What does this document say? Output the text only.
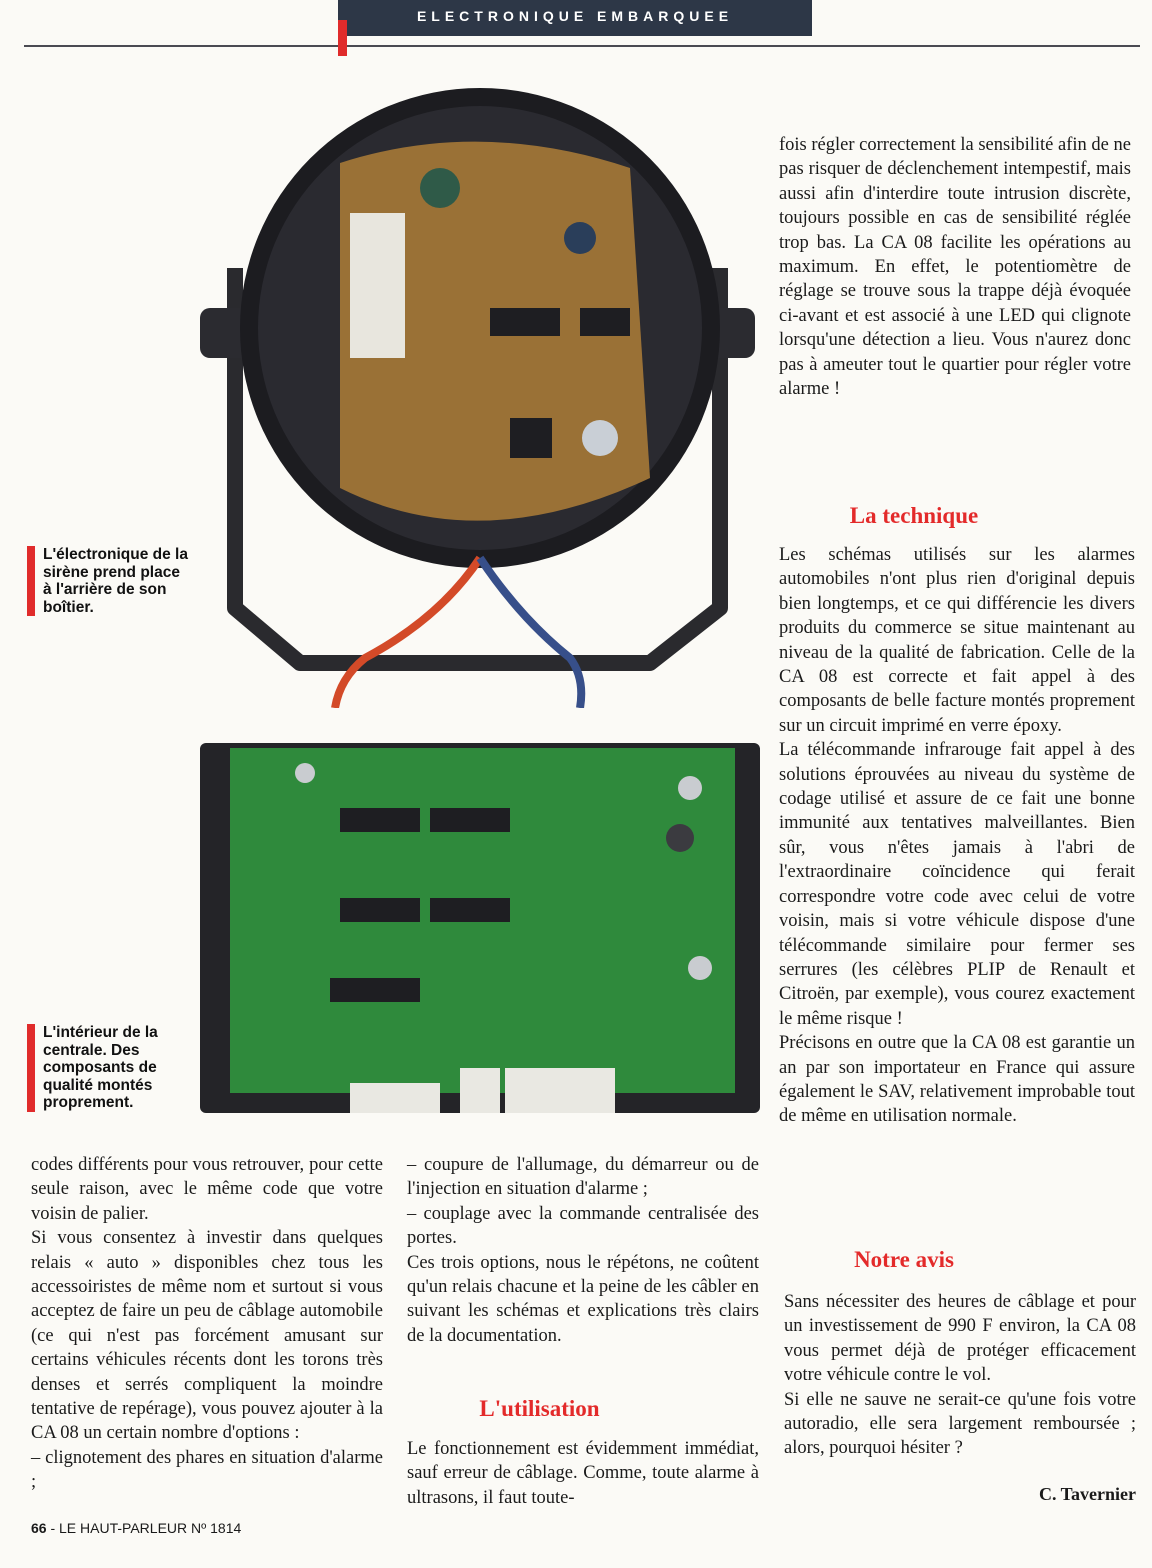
ELECTRONIQUE EMBARQUEE
L'électronique de la sirène prend place à l'arrière de son boîtier.
L'intérieur de la centrale. Des composants de qualité montés proprement.

fois régler correctement la sensibilité afin de ne pas risquer de déclenchement intempestif, mais aussi afin d'interdire toute intrusion discrète, toujours possible en cas de sensibilité réglée trop bas. La CA 08 facilite les opérations au maximum. En effet, le potentiomètre de réglage se trouve sous la trappe déjà évoquée ci-avant et est associé à une LED qui clignote lorsqu'une détection a lieu. Vous n'aurez donc pas à ameuter tout le quartier pour régler votre alarme !

La technique

Les schémas utilisés sur les alarmes automobiles n'ont plus rien d'original depuis bien longtemps, et ce qui différencie les divers produits du commerce se situe maintenant au niveau de la qualité de fabrication. Celle de la CA 08 est correcte et fait appel à des composants de belle facture montés proprement sur un circuit imprimé en verre époxy.

La télécommande infrarouge fait appel à des solutions éprouvées au niveau du système de codage utilisé et assure de ce fait une bonne immunité aux tentatives malveillantes. Bien sûr, vous n'êtes jamais à l'abri de l'extraordinaire coïncidence qui ferait correspondre votre code avec celui de votre voisin, mais si votre véhicule dispose d'une télécommande similaire pour fermer ses serrures (les célèbres PLIP de Renault et Citroën, par exemple), vous courez exactement le même risque !

Précisons en outre que la CA 08 est garantie un an par son importateur en France qui assure également le SAV, relativement improbable tout de même en utilisation normale.

Notre avis

Sans nécessiter des heures de câblage et pour un investissement de 990 F environ, la CA 08 vous permet déjà de protéger efficacement votre véhicule contre le vol.

Si elle ne sauve ne serait-ce qu'une fois votre autoradio, elle sera largement remboursée ; alors, pourquoi hésiter ?

C. Tavernier

codes différents pour vous retrouver, pour cette seule raison, avec le même code que votre voisin de palier.

Si vous consentez à investir dans quelques relais « auto » disponibles chez tous les accessoiristes de même nom et surtout si vous acceptez de faire un peu de câblage automobile (ce qui n'est pas forcément amusant sur certains véhicules récents dont les torons très denses et serrés compliquent la moindre tentative de repérage), vous pouvez ajouter à la CA 08 un certain nombre d'options :

– clignotement des phares en situation d'alarme ;

– coupure de l'allumage, du démarreur ou de l'injection en situation d'alarme ;

– couplage avec la commande centralisée des portes.

Ces trois options, nous le répétons, ne coûtent qu'un relais chacune et la peine de les câbler en suivant les schémas et explications très clairs de la documentation.

L'utilisation

Le fonctionnement est évidemment immédiat, sauf erreur de câblage. Comme, toute alarme à ultrasons, il faut toute-

66 - LE HAUT-PARLEUR Nº 1814
